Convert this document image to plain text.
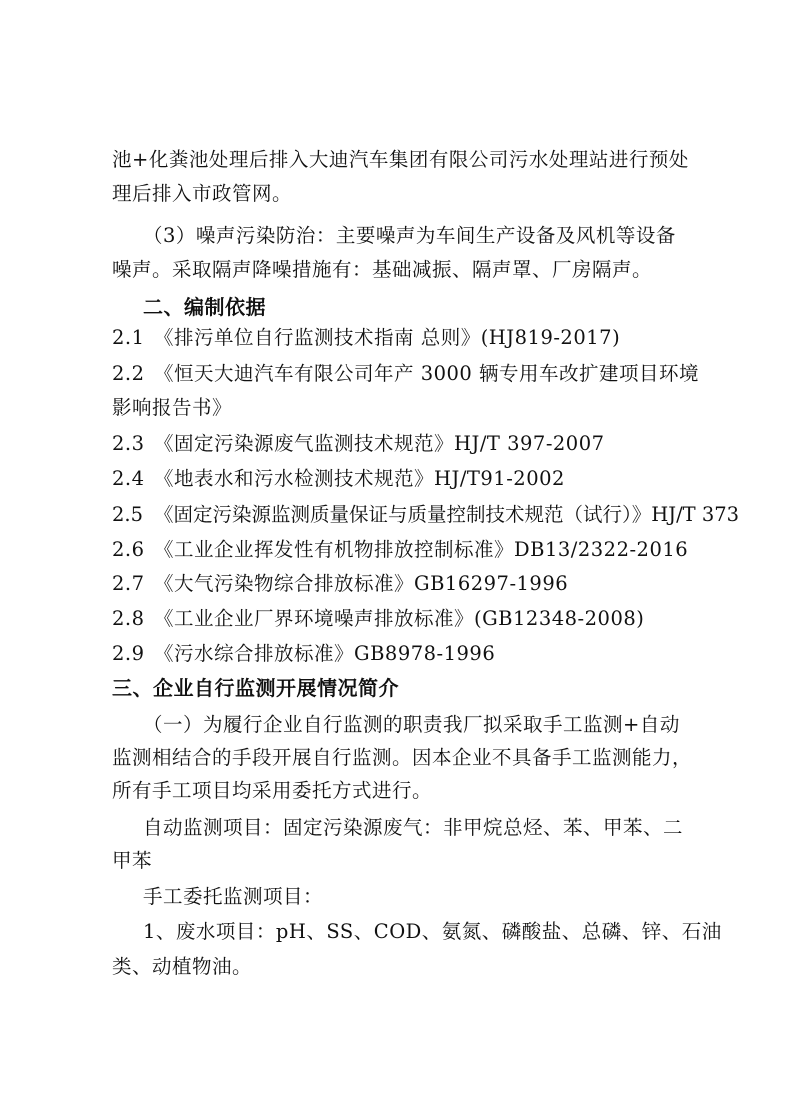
池+化粪池处理后排入大迪汽车集团有限公司污水处理站进行预处
理后排入市政管网。
（3）噪声污染防治：主要噪声为车间生产设备及风机等设备
噪声。采取隔声降噪措施有：基础减振、隔声罩、厂房隔声。
二、编制依据
2.1 《排污单位自行监测技术指南 总则》(HJ819-2017)
2.2 《恒天大迪汽车有限公司年产 3000 辆专用车改扩建项目环境
影响报告书》
2.3 《固定污染源废气监测技术规范》HJ/T 397-2007
2.4 《地表水和污水检测技术规范》HJ/T91-2002
2.5 《固定污染源监测质量保证与质量控制技术规范（试行）》HJ/T 373
2.6 《工业企业挥发性有机物排放控制标准》DB13/2322-2016
2.7 《大气污染物综合排放标准》GB16297-1996
2.8 《工业企业厂界环境噪声排放标准》(GB12348-2008)
2.9 《污水综合排放标准》GB8978-1996
三、企业自行监测开展情况简介
（一）为履行企业自行监测的职责我厂拟采取手工监测+自动
监测相结合的手段开展自行监测。因本企业不具备手工监测能力，
所有手工项目均采用委托方式进行。
自动监测项目：固定污染源废气：非甲烷总烃、苯、甲苯、二
甲苯
手工委托监测项目：
1、废水项目：pH、SS、COD、氨氮、磷酸盐、总磷、锌、石油
类、动植物油。
